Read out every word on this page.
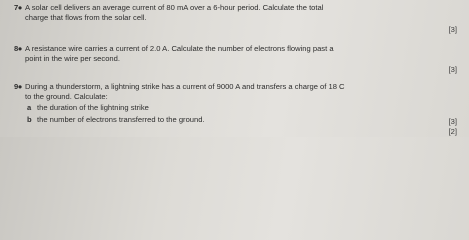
7● A solar cell delivers an average current of 80 mA over a 6-hour period. Calculate the total
charge that flows from the solar cell.
[3]
8● A resistance wire carries a current of 2.0 A. Calculate the number of electrons flowing past a
point in the wire per second.
[3]
9● During a thunderstorm, a lightning strike has a current of 9000 A and transfers a charge of 18 C
to the ground. Calculate:
a the duration of the lightning strike
b the number of electrons transferred to the ground.	[3]
[2]
